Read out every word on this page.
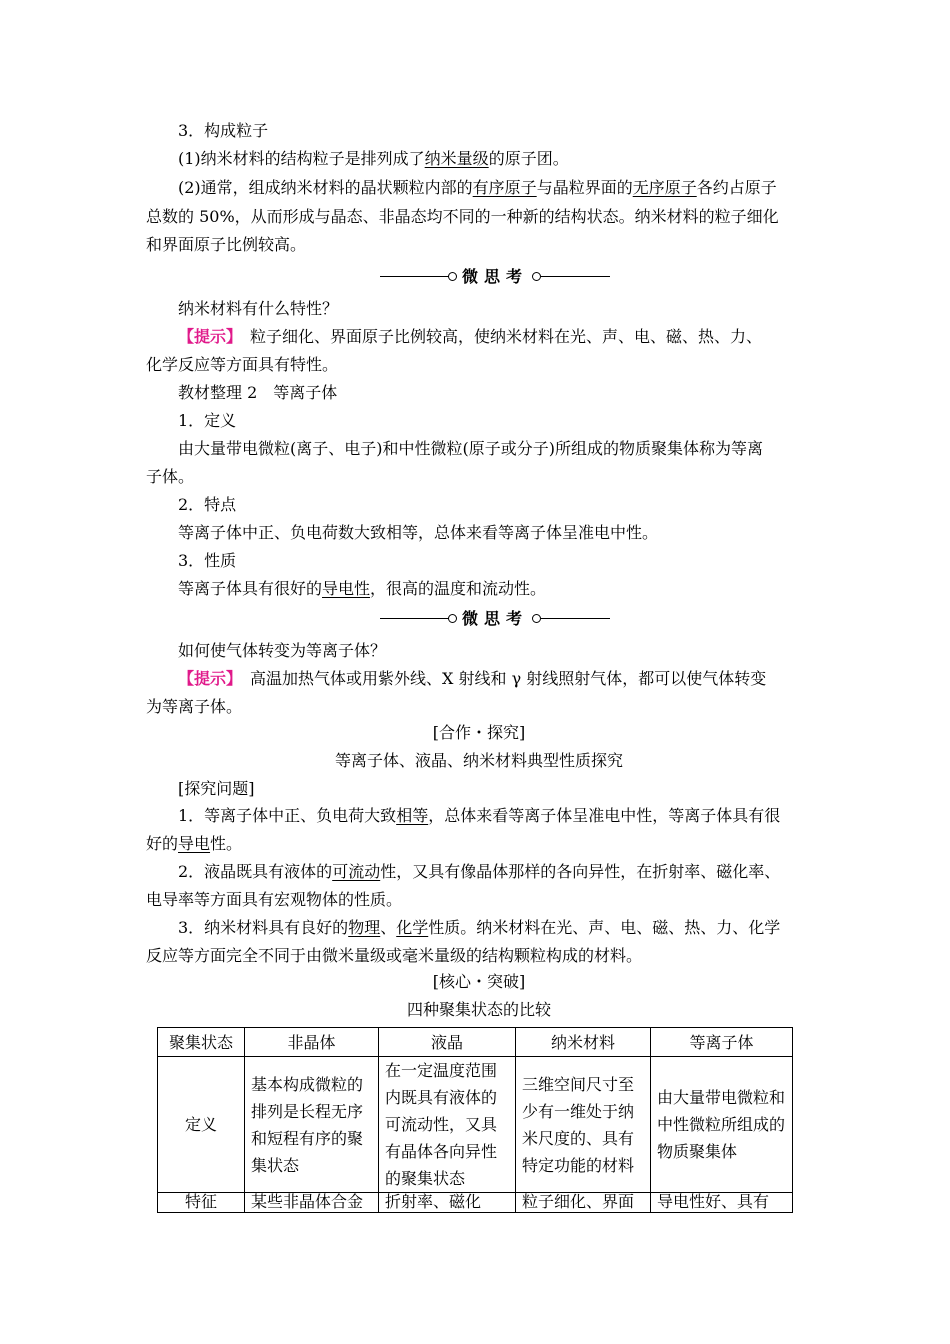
3．构成粒子
(1)纳米材料的结构粒子是排列成了纳米量级的原子团。
(2)通常，组成纳米材料的晶状颗粒内部的有序原子与晶粒界面的无序原子各约占原子
总数的 50%，从而形成与晶态、非晶态均不同的一种新的结构状态。纳米材料的粒子细化
和界面原子比例较高。
微思考
纳米材料有什么特性？
【提示】　 粒子细化、界面原子比例较高，使纳米材料在光、声、电、磁、热、力、
化学反应等方面具有特性。
教材整理 2　等离子体
1．定义
由大量带电微粒(离子、电子)和中性微粒(原子或分子)所组成的物质聚集体称为等离
子体。
2．特点
等离子体中正、负电荷数大致相等，总体来看等离子体呈准电中性。
3．性质
等离子体具有很好的导电性，很高的温度和流动性。
微思考
如何使气体转变为等离子体？
【提示】　 高温加热气体或用紫外线、X 射线和 γ 射线照射气体，都可以使气体转变
为等离子体。
[合作・探究]
等离子体、液晶、纳米材料典型性质探究
[探究问题]
1．等离子体中正、负电荷大致相等，总体来看等离子体呈准电中性，等离子体具有很
好的导电性。
2．液晶既具有液体的可流动性，又具有像晶体那样的各向异性，在折射率、磁化率、
电导率等方面具有宏观物体的性质。
3．纳米材料具有良好的物理、化学性质。纳米材料在光、声、电、磁、热、力、化学
反应等方面完全不同于由微米量级或毫米量级的结构颗粒构成的材料。
[核心・突破]
四种聚集状态的比较
聚集状态	非晶体	液晶	纳米材料	等离子体
定义	基本构成微粒的排列是长程无序和短程有序的聚集状态	在一定温度范围内既具有液体的可流动性，又具有晶体各向异性的聚集状态	三维空间尺寸至少有一维处于纳米尺度的、具有特定功能的材料	由大量带电微粒和中性微粒所组成的物质聚集体
特征	某些非晶体合金	折射率、磁化	粒子细化、界面	导电性好、具有
